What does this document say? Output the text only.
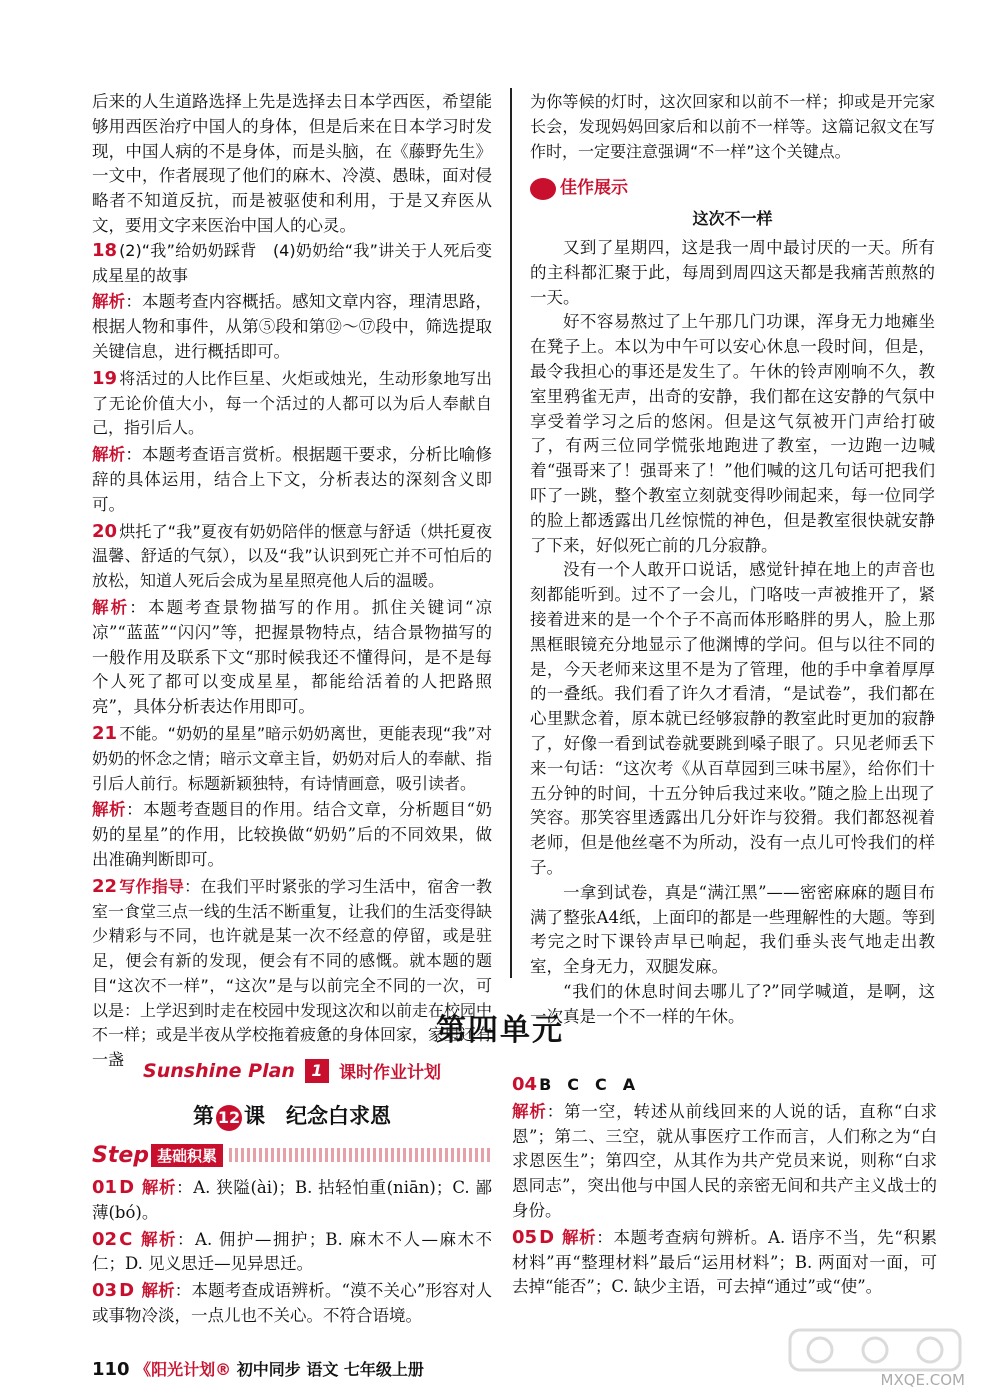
后来的人生道路选择上先是选择去日本学西医，希望能够用西医治疗中国人的身体，但是后来在日本学习时发现，中国人病的不是身体，而是头脑，在《藤野先生》一文中，作者展现了他们的麻木、冷漠、愚昧，面对侵略者不知道反抗，而是被驱使和利用，于是又弃医从文，要用文字来医治中国人的心灵。

18 (2)“我”给奶奶踩背　(4)奶奶给“我”讲关于人死后变成星星的故事

解析：本题考查内容概括。感知文章内容，理清思路，根据人物和事件，从第⑤段和第⑫～⑰段中，筛选提取关键信息，进行概括即可。

19 将活过的人比作巨星、火炬或烛光，生动形象地写出了无论价值大小，每一个活过的人都可以为后人奉献自己，指引后人。

解析：本题考查语言赏析。根据题干要求，分析比喻修辞的具体运用，结合上下文，分析表达的深刻含义即可。

20 烘托了“我”夏夜有奶奶陪伴的惬意与舒适（烘托夏夜温馨、舒适的气氛），以及“我”认识到死亡并不可怕后的放松，知道人死后会成为星星照亮他人后的温暖。

解析：本题考查景物描写的作用。抓住关键词“凉凉”“蓝蓝”“闪闪”等，把握景物特点，结合景物描写的一般作用及联系下文“那时候我还不懂得问，是不是每个人死了都可以变成星星，都能给活着的人把路照亮”，具体分析表达作用即可。

21 不能。“奶奶的星星”暗示奶奶离世，更能表现“我”对奶奶的怀念之情；暗示文章主旨，奶奶对后人的奉献、指引后人前行。标题新颖独特，有诗情画意，吸引读者。

解析：本题考查题目的作用。结合文章，分析题目“奶奶的星星”的作用，比较换做“奶奶”后的不同效果，做出准确判断即可。

22 写作指导：在我们平时紧张的学习生活中，宿舍一教室一食堂三点一线的生活不断重复，让我们的生活变得缺少精彩与不同，也许就是某一次不经意的停留，或是驻足，便会有新的发现，便会有不同的感慨。就本题的题目“这次不一样”，“这次”是与以前完全不同的一次，可以是：上学迟到时走在校园中发现这次和以前走在校园中不一样；或是半夜从学校拖着疲惫的身体回家，家里还有一盏

为你等候的灯时，这次回家和以前不一样；抑或是开完家长会，发现妈妈回家后和以前不一样等。这篇记叙文在写作时，一定要注意强调“不一样”这个关键点。

佳作展示
这次不一样

又到了星期四，这是我一周中最讨厌的一天。所有的主科都汇聚于此，每周到周四这天都是我痛苦煎熬的一天。

好不容易熬过了上午那几门功课，浑身无力地瘫坐在凳子上。本以为中午可以安心休息一段时间，但是，最令我担心的事还是发生了。午休的铃声刚响不久，教室里鸦雀无声，出奇的安静，我们都在这安静的气氛中享受着学习之后的悠闲。但是这气氛被开门声给打破了，有两三位同学慌张地跑进了教室，一边跑一边喊着“强哥来了！强哥来了！”他们喊的这几句话可把我们吓了一跳，整个教室立刻就变得吵闹起来，每一位同学的脸上都透露出几丝惊慌的神色，但是教室很快就安静了下来，好似死亡前的几分寂静。

没有一个人敢开口说话，感觉针掉在地上的声音也刻都能听到。过不了一会儿，门咯吱一声被推开了，紧接着进来的是一个个子不高而体形略胖的男人，脸上那黑框眼镜充分地显示了他渊博的学问。但与以往不同的是，今天老师来这里不是为了管理，他的手中拿着厚厚的一叠纸。我们看了许久才看清，“是试卷”，我们都在心里默念着，原本就已经够寂静的教室此时更加的寂静了，好像一看到试卷就要跳到嗓子眼了。只见老师丢下来一句话：“这次考《从百草园到三味书屋》，给你们十五分钟的时间，十五分钟后我过来收。”随之脸上出现了笑容。那笑容里透露出几分奸诈与狡猾。我们都怒视着老师，但是他丝毫不为所动，没有一点儿可怜我们的样子。

一拿到试卷，真是“满江黑”——密密麻麻的题目布满了整张A4纸，上面印的都是一些理解性的大题。等到考完之时下课铃声早已响起，我们垂头丧气地走出教室，全身无力，双腿发麻。

“我们的休息时间去哪儿了?”同学喊道，是啊，这一次真是一个不一样的午休。

第四单元
Sunshine Plan	1 课时作业计划
第 12 课　纪念白求恩
Step 基础积累

01 D 解析：A. 狭隘(ài)；B. 拈轻怕重(niān)；C. 鄙薄(bó)。

02 C 解析：A. 佣护—拥护；B. 麻木不人—麻木不仁；D. 见义思迁—见异思迁。

03 D 解析：本题考查成语辨析。“漠不关心”形容对人或事物冷淡，一点儿也不关心。不符合语境。

04 B　C　C　A

解析：第一空，转述从前线回来的人说的话，直称“白求恩”；第二、三空，就从事医疗工作而言，人们称之为“白求恩医生”；第四空，从其作为共产党员来说，则称“白求恩同志”，突出他与中国人民的亲密无间和共产主义战士的身份。

05 D 解析：本题考查病句辨析。A. 语序不当，先“积累材料”再“整理材料”最后“运用材料”；B. 两面对一面，可去掉“能否”；C. 缺少主语，可去掉“通过”或“使”。

110 《阳光计划® 初中同步 语文 七年级上册
MXQE.COM
